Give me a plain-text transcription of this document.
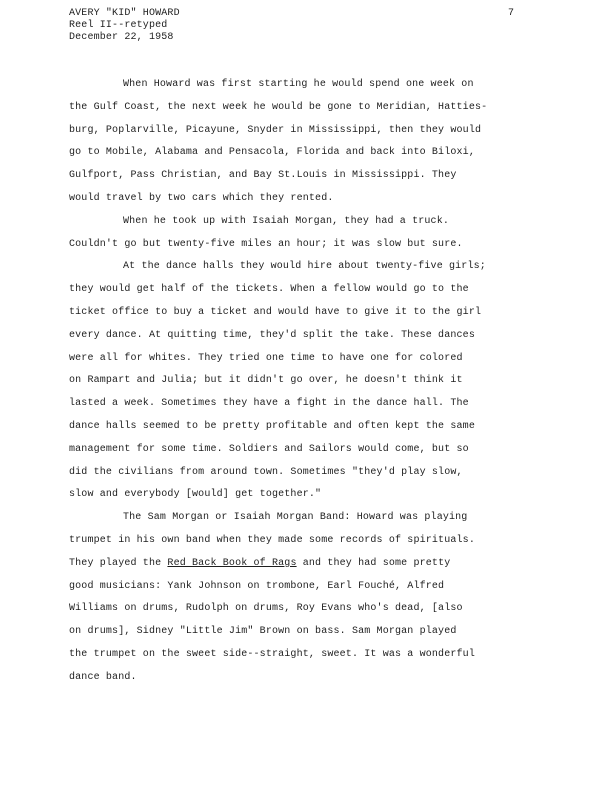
AVERY "KID" HOWARD
Reel II--retyped
December 22, 1958
7
When Howard was first starting he would spend one week on
the Gulf Coast, the next week he would be gone to Meridian, Hatties-
burg, Poplarville, Picayune, Snyder in Mississippi, then they would
go to Mobile, Alabama and Pensacola, Florida and back into Biloxi,
Gulfport, Pass Christian, and Bay St.Louis in Mississippi. They
would travel by two cars which they rented.
When he took up with Isaiah Morgan, they had a truck.
Couldn't go but twenty-five miles an hour; it was slow but sure.
At the dance halls they would hire about twenty-five girls;
they would get half of the tickets. When a fellow would go to the
ticket office to buy a ticket and would have to give it to the girl
every dance. At quitting time, they'd split the take. These dances
were all for whites. They tried one time to have one for colored
on Rampart and Julia; but it didn't go over, he doesn't think it
lasted a week. Sometimes they have a fight in the dance hall. The
dance halls seemed to be pretty profitable and often kept the same
management for some time. Soldiers and Sailors would come, but so
did the civilians from around town. Sometimes "they'd play slow,
slow and everybody [would] get together."
The Sam Morgan or Isaiah Morgan Band: Howard was playing
trumpet in his own band when they made some records of spirituals.
They played the Red Back Book of Rags and they had some pretty
good musicians: Yank Johnson on trombone, Earl Fouché, Alfred
Williams on drums, Rudolph on drums, Roy Evans who's dead, [also
on drums], Sidney "Little Jim" Brown on bass. Sam Morgan played
the trumpet on the sweet side--straight, sweet. It was a wonderful
dance band.
